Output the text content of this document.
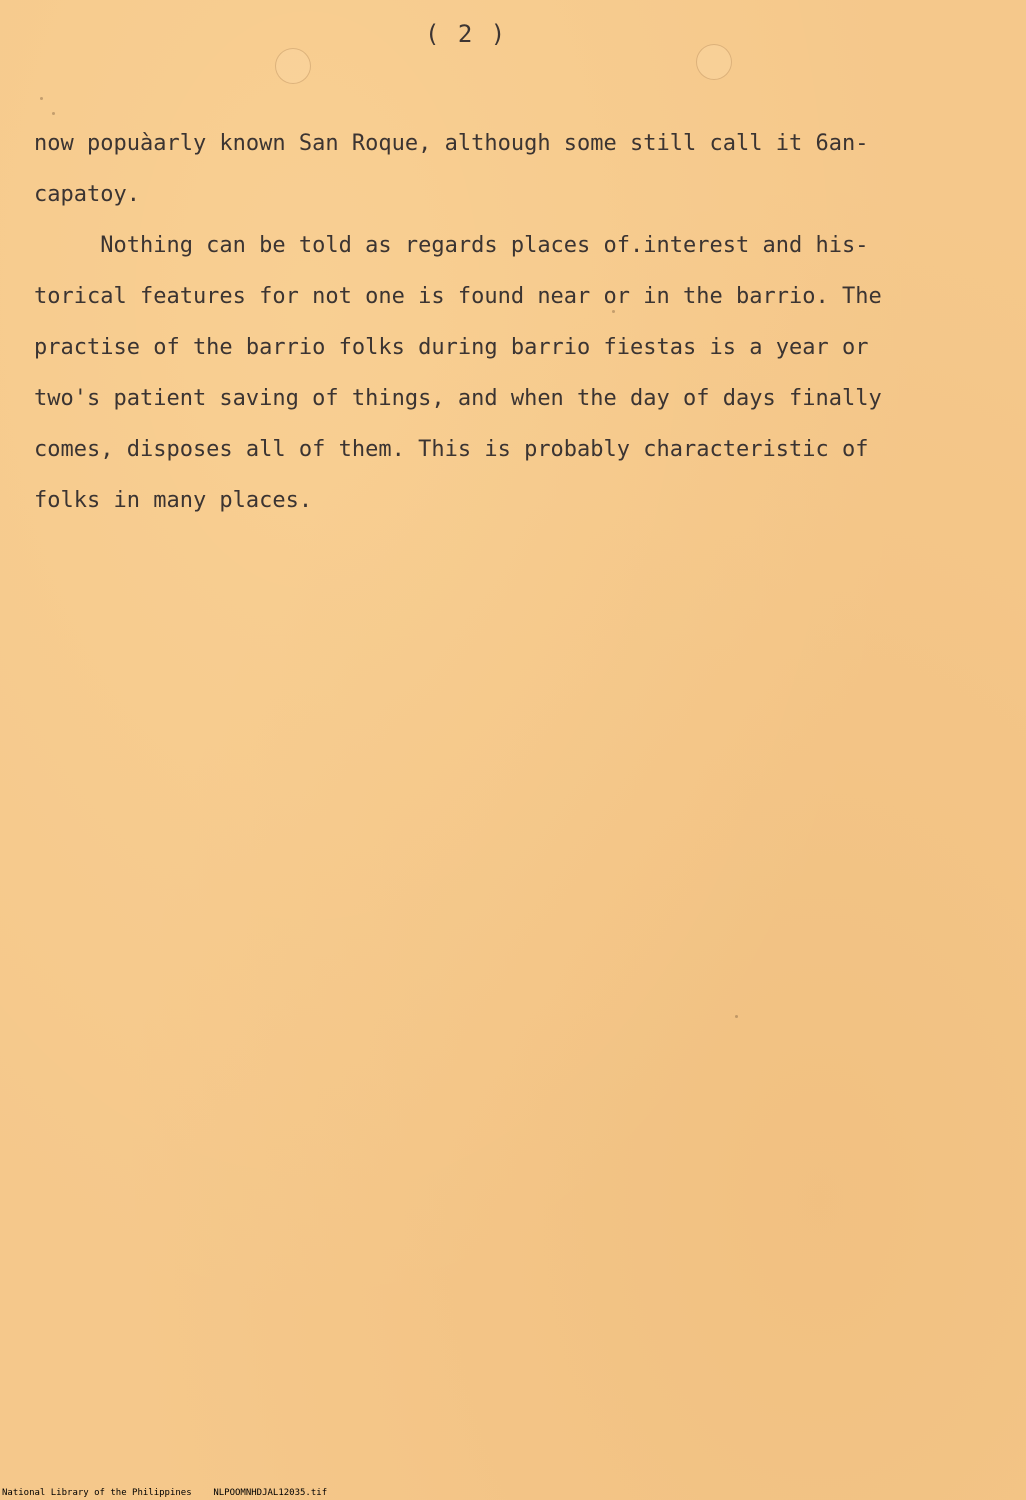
( 2 )

now popuàarly known San Roque, although some still call it 6an-

capatoy.

Nothing can be told as regards places of.interest and his-

torical features for not one is found near or in the barrio. The

practise of the barrio folks during barrio fiestas is a year or

two's patient saving of things, and when the day of days finally

comes, disposes all of them. This is probably characteristic of

folks in many places.

National Library of the Philippines    NLPOOMNHDJAL12035.tif
